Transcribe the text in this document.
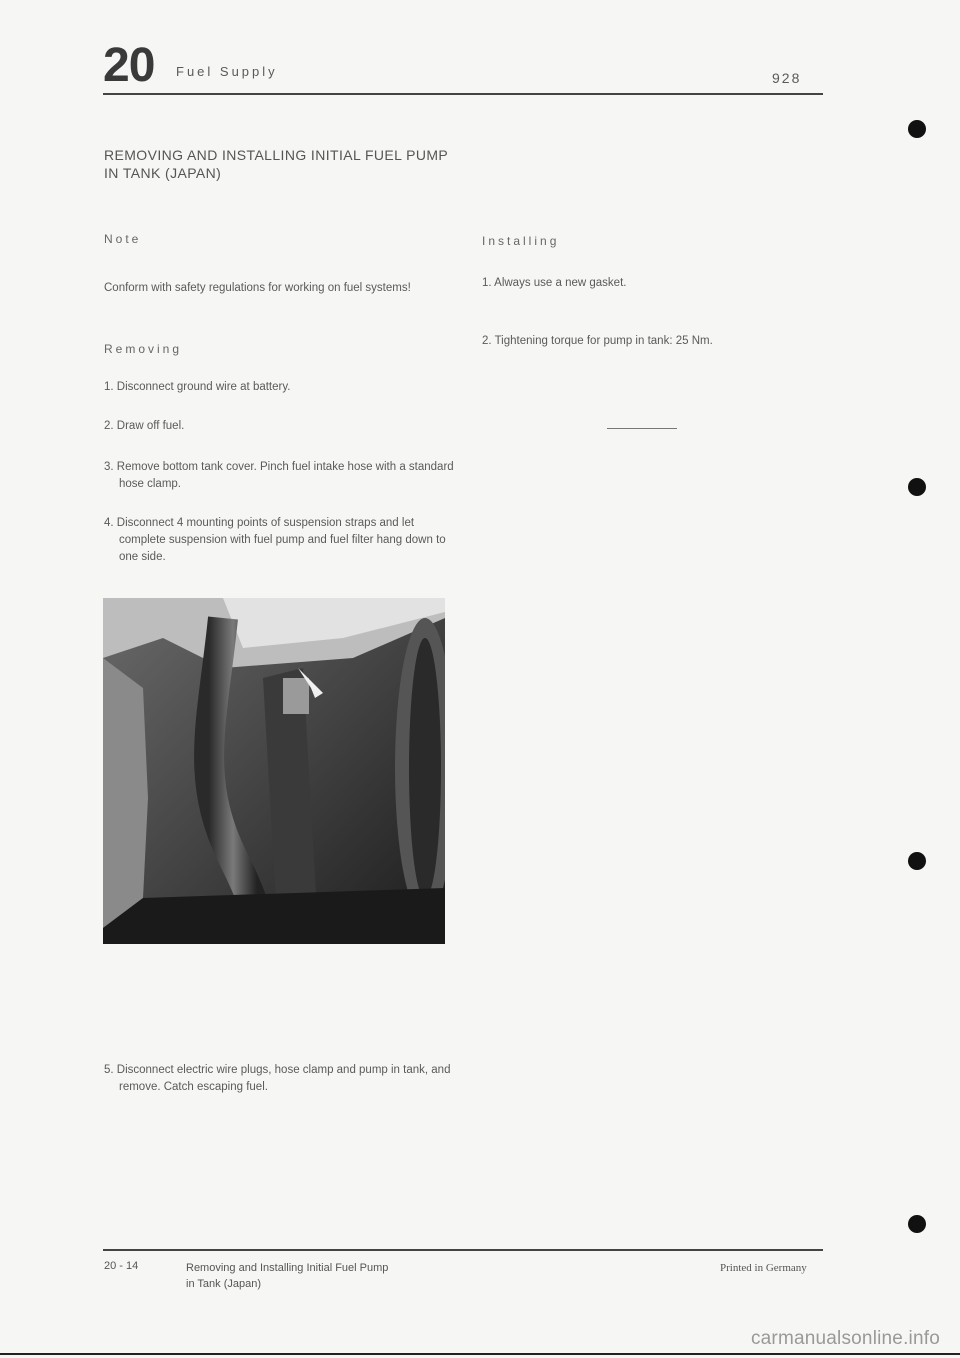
20 Fuel Supply	928
REMOVING AND INSTALLING INITIAL FUEL PUMP IN TANK (JAPAN)
Note
Conform with safety regulations for working on fuel systems!
Removing
1. Disconnect ground wire at battery.
2. Draw off fuel.
3. Remove bottom tank cover. Pinch fuel intake hose with a standard hose clamp.
4. Disconnect 4 mounting points of suspension straps and let complete suspension with fuel pump and fuel filter hang down to one side.
5. Disconnect electric wire plugs, hose clamp and pump in tank, and remove. Catch escaping fuel.
Installing
1. Always use a new gasket.
2. Tightening torque for pump in tank: 25 Nm.
20 - 14	Removing and Installing Initial Fuel Pump
in Tank (Japan)
Printed in Germany
carmanualsonline.info
